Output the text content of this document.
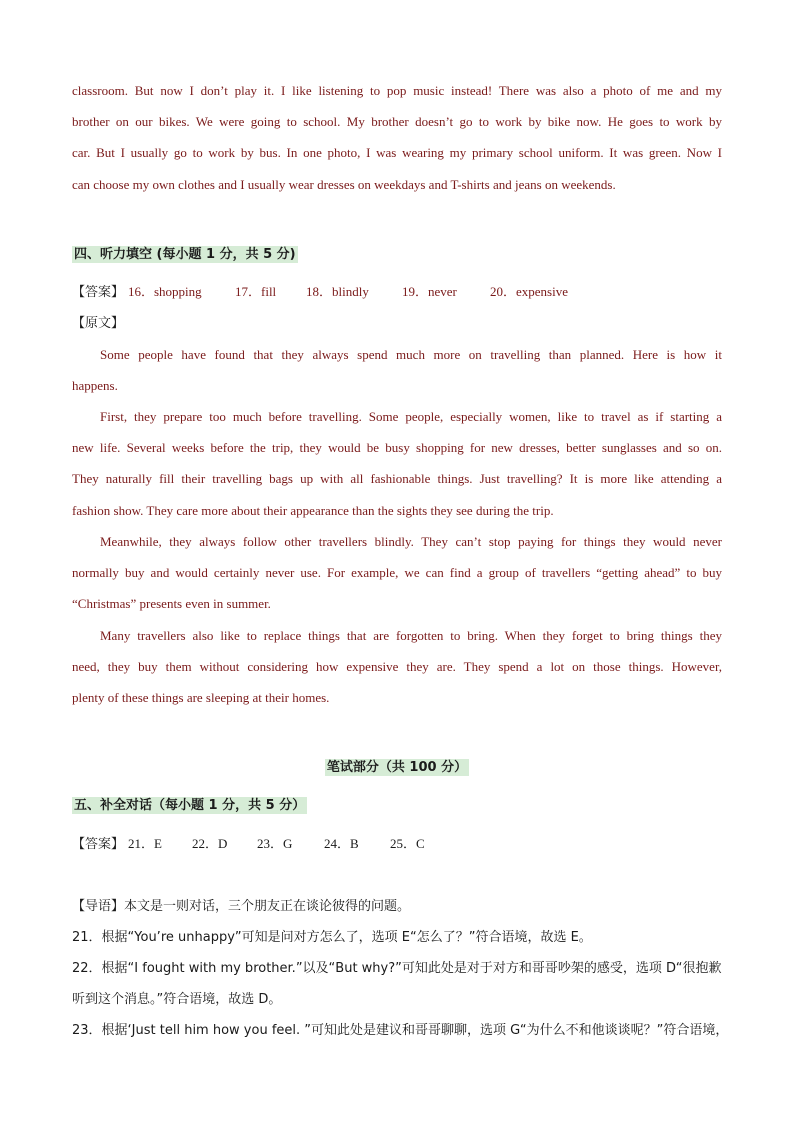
classroom. But now I don’t play it. I like listening to pop music instead! There was also a photo of me and my
brother on our bikes. We were going to school. My brother doesn’t go to work by bike now. He goes to work by
car. But I usually go to work by bus. In one photo, I was wearing my primary school uniform. It was green. Now I
can choose my own clothes and I usually wear dresses on weekdays and T-shirts and jeans on weekends.
四、听力填空 (每小题 1 分，共 5 分)
【答案】 16．shopping	17．fill 18．blindly	19．never	20．expensive
【原文】
Some people have found that they always spend much more on travelling than planned. Here is how it
happens.
First, they prepare too much before travelling. Some people, especially women, like to travel as if starting a
new life. Several weeks before the trip, they would be busy shopping for new dresses, better sunglasses and so on.
They naturally fill their travelling bags up with all fashionable things. Just travelling? It is more like attending a
fashion show. They care more about their appearance than the sights they see during the trip.
Meanwhile, they always follow other travellers blindly. They can’t stop paying for things they would never
normally buy and would certainly never use. For example, we can find a group of travellers “getting ahead” to buy
“Christmas” presents even in summer.
Many travellers also like to replace things that are forgotten to bring. When they forget to bring things they
need, they buy them without considering how expensive they are. They spend a lot on those things. However,
plenty of these things are sleeping at their homes.
笔试部分（共 100 分）
五、补全对话（每小题 1 分，共 5 分）
【答案】 21．E 22．D 23．G 24．B 25．C
【导语】本文是一则对话，三个朋友正在谈论彼得的问题。
21．根据“You’re unhappy”可知是问对方怎么了，选项 E“怎么了？”符合语境，故选 E。
22．根据“I fought with my brother.”以及“But why?”可知此处是对于对方和哥哥吵架的感受，选项 D“很抱歉
听到这个消息。”符合语境，故选 D。
23．根据‘Just tell him how you feel. ”可知此处是建议和哥哥聊聊，选项 G“为什么不和他谈谈呢？”符合语境，
